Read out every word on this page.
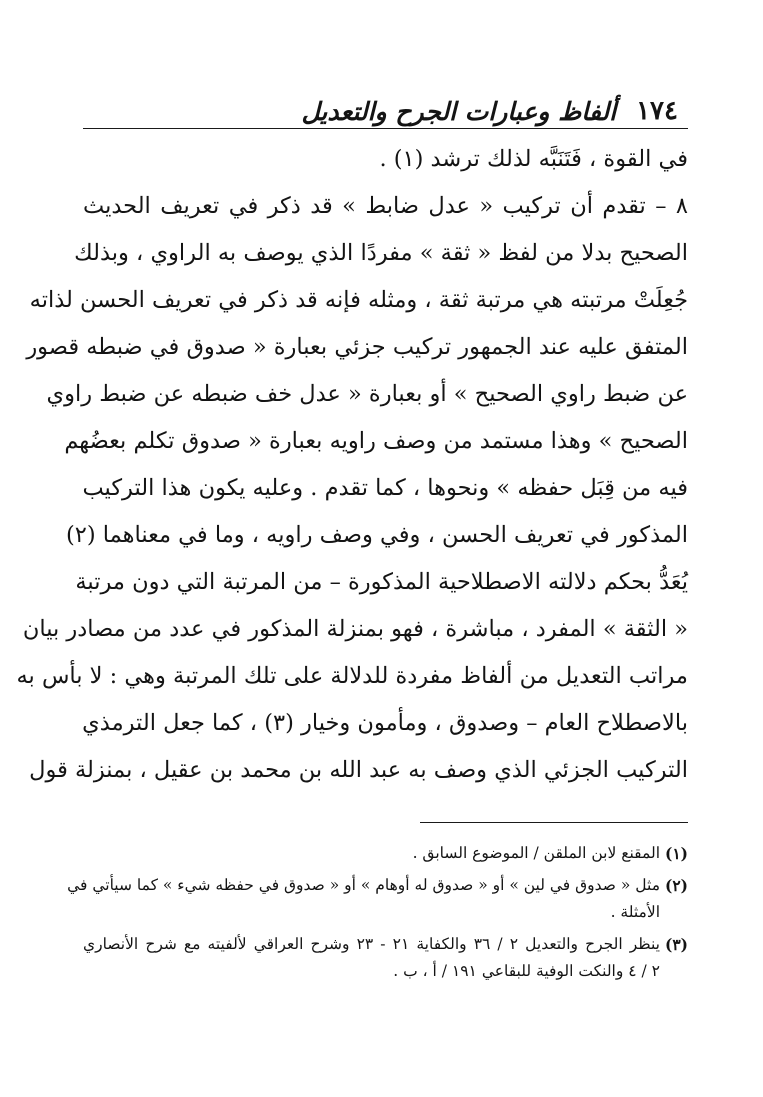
١٧٤
ألفاظ وعبارات الجرح والتعديل
في القوة ، فَتَنَبَّه لذلك ترشد (١) .
٨ – تقدم أن تركيب « عدل ضابط » قد ذكر في تعريف الحديث
الصحيح بدلا من لفظ « ثقة » مفردًا الذي يوصف به الراوي ، وبذلك
جُعِلَتْ مرتبته هي مرتبة ثقة ، ومثله فإنه قد ذكر في تعريف الحسن لذاته
المتفق عليه عند الجمهور تركيب جزئي بعبارة « صدوق في ضبطه قصور
عن ضبط راوي الصحيح » أو بعبارة « عدل خف ضبطه عن ضبط راوي
الصحيح » وهذا مستمد من وصف راويه بعبارة « صدوق تكلم بعضُهم
فيه من قِبَل حفظه » ونحوها ، كما تقدم . وعليه يكون هذا التركيب
المذكور في تعريف الحسن ، وفي وصف راويه ، وما في معناهما (٢)
يُعَدُّ بحكم دلالته الاصطلاحية المذكورة – من المرتبة التي دون مرتبة
« الثقة » المفرد ، مباشرة ، فهو بمنزلة المذكور في عدد من مصادر بيان
مراتب التعديل من ألفاظ مفردة للدلالة على تلك المرتبة وهي : لا بأس به
بالاصطلاح العام – وصدوق ، ومأمون وخيار (٣) ، كما جعل الترمذي
التركيب الجزئي الذي وصف به عبد الله بن محمد بن عقيل ، بمنزلة قول
(١)
المقنع لابن الملقن / الموضوع السابق .
(٢)
مثل « صدوق في لين » أو « صدوق له أوهام » أو « صدوق في حفظه شيء » كما سيأتي في
الأمثلة .
(٣)
ينظر الجرح والتعديل ٢ / ٣٦ والكفاية ٢١ - ٢٣ وشرح العراقي لألفيته مع شرح الأنصاري
٢ / ٤ والنكت الوفية للبقاعي ١٩١ / أ ، ب .
